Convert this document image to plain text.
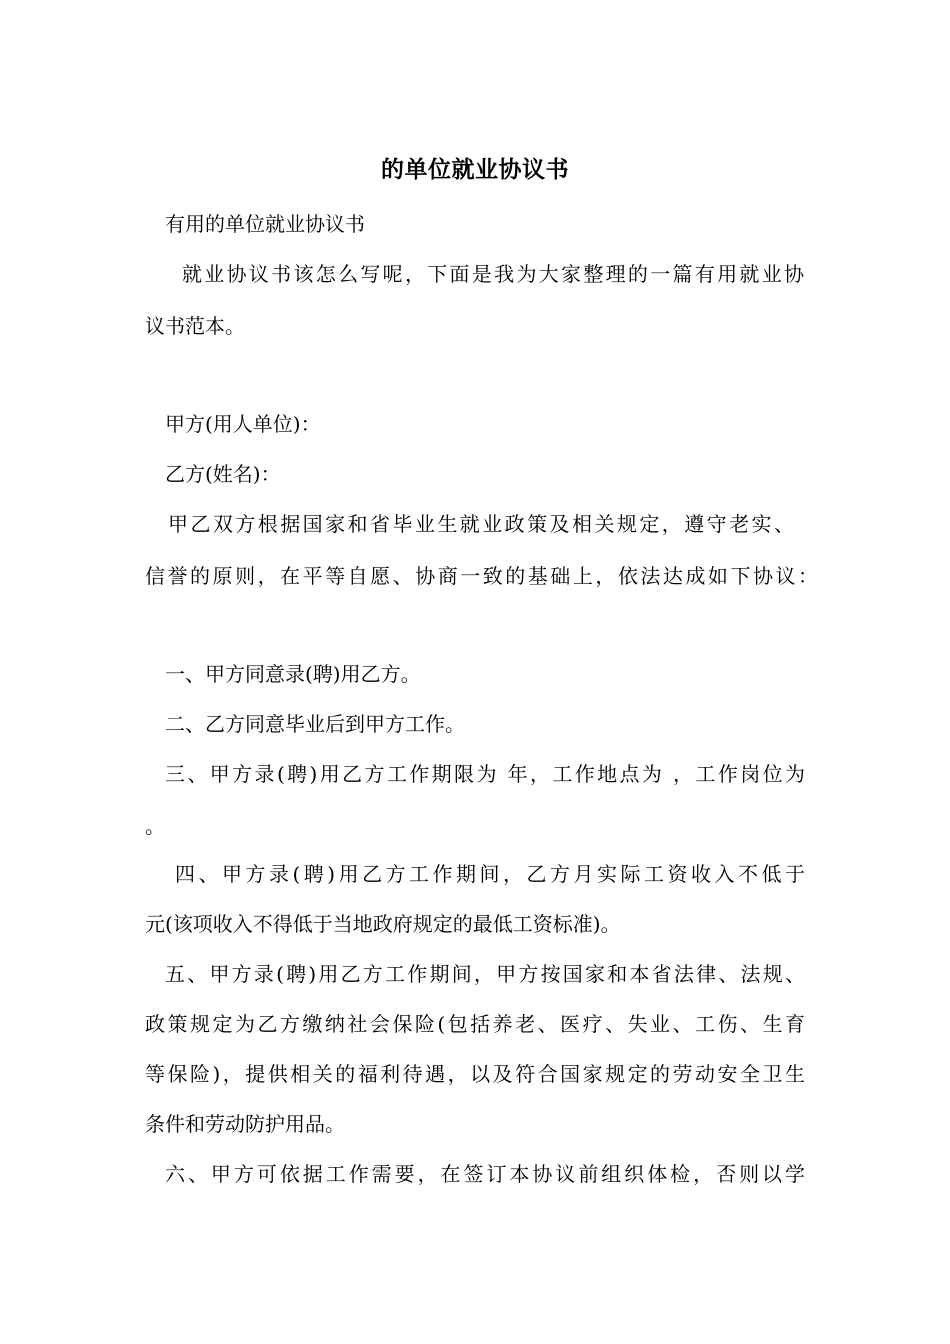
的单位就业协议书
有用的单位就业协议书
就业协议书该怎么写呢，下面是我为大家整理的一篇有用就业协
议书范本。
甲方(用人单位)：
乙方(姓名)：
甲乙双方根据国家和省毕业生就业政策及相关规定，遵守老实、
信誉的原则，在平等自愿、协商一致的基础上，依法达成如下协议：
一、甲方同意录(聘)用乙方。
二、乙方同意毕业后到甲方工作。
三、甲方录(聘)用乙方工作期限为 年，工作地点为 ，工作岗位为
。
四、甲方录(聘)用乙方工作期间，乙方月实际工资收入不低于
元(该项收入不得低于当地政府规定的最低工资标准)。
五、甲方录(聘)用乙方工作期间，甲方按国家和本省法律、法规、
政策规定为乙方缴纳社会保险(包括养老、医疗、失业、工伤、生育
等保险)，提供相关的福利待遇，以及符合国家规定的劳动安全卫生
条件和劳动防护用品。
六、甲方可依据工作需要，在签订本协议前组织体检，否则以学
